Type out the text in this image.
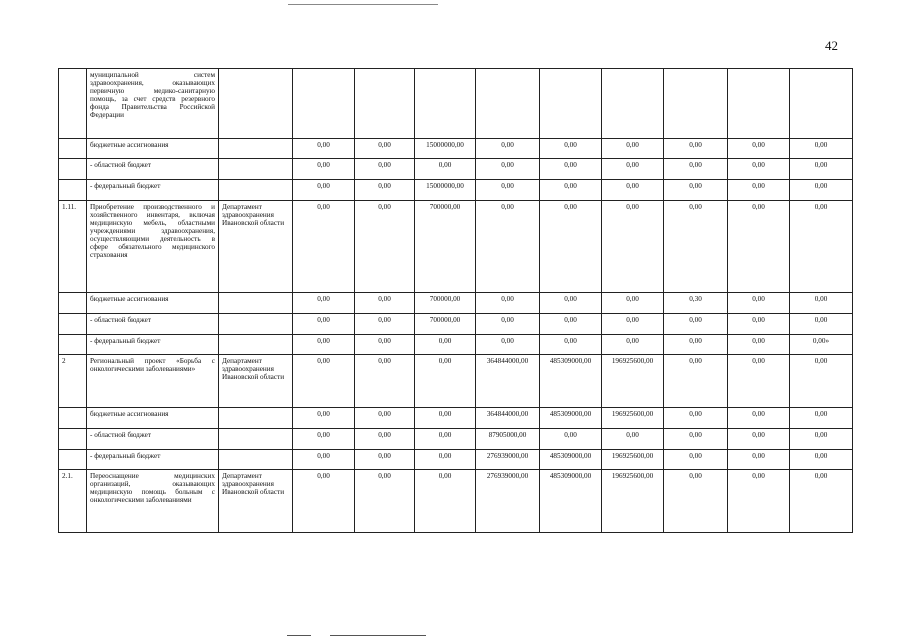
42
	муниципальной систем здравоохранения, оказывающих первичную медико-санитарную помощь, за счет средств резервного фонда Правительства Российской Федерации										
	бюджетные ассигнования		0,00	0,00	15000000,00	0,00	0,00	0,00	0,00	0,00	0,00
	- областной бюджет		0,00	0,00	0,00	0,00	0,00	0,00	0,00	0,00	0,00
	- федеральный бюджет		0,00	0,00	15000000,00	0,00	0,00	0,00	0,00	0,00	0,00
1.11.	Приобретение производственного и хозяйственного инвентаря, включая медицинскую мебель, областными учреждениями здравоохранения, осуществляющими деятельность в сфере обязательного медицинского страхования	Департамент здравоохранения Ивановской области	0,00	0,00	700000,00	0,00	0,00	0,00	0,00	0,00	0,00
	бюджетные ассигнования		0,00	0,00	700000,00	0,00	0,00	0,00	0,30	0,00	0,00
	- областной бюджет		0,00	0,00	700000,00	0,00	0,00	0,00	0,00	0,00	0,00
	- федеральный бюджет		0,00	0,00	0,00	0,00	0,00	0,00	0,00	0,00	0,00»
2	Региональный проект «Борьба с онкологическими заболеваниями»	Департамент здравоохранения Ивановской области	0,00	0,00	0,00	364844000,00	485309000,00	196925600,00	0,00	0,00	0,00
	бюджетные ассигнования		0,00	0,00	0,00	364844000,00	485309000,00	196925600,00	0,00	0,00	0,00
	- областной бюджет		0,00	0,00	0,00	87905000,00	0,00	0,00	0,00	0,00	0,00
	- федеральный бюджет		0,00	0,00	0,00	276939000,00	485309000,00	196925600,00	0,00	0,00	0,00
2.1.	Переоснащение медицинских организаций, оказывающих медицинскую помощь больным с онкологическими заболеваниями	Департамент здравоохранения Ивановской области	0,00	0,00	0,00	276939000,00	485309000,00	196925600,00	0,00	0,00	0,00
